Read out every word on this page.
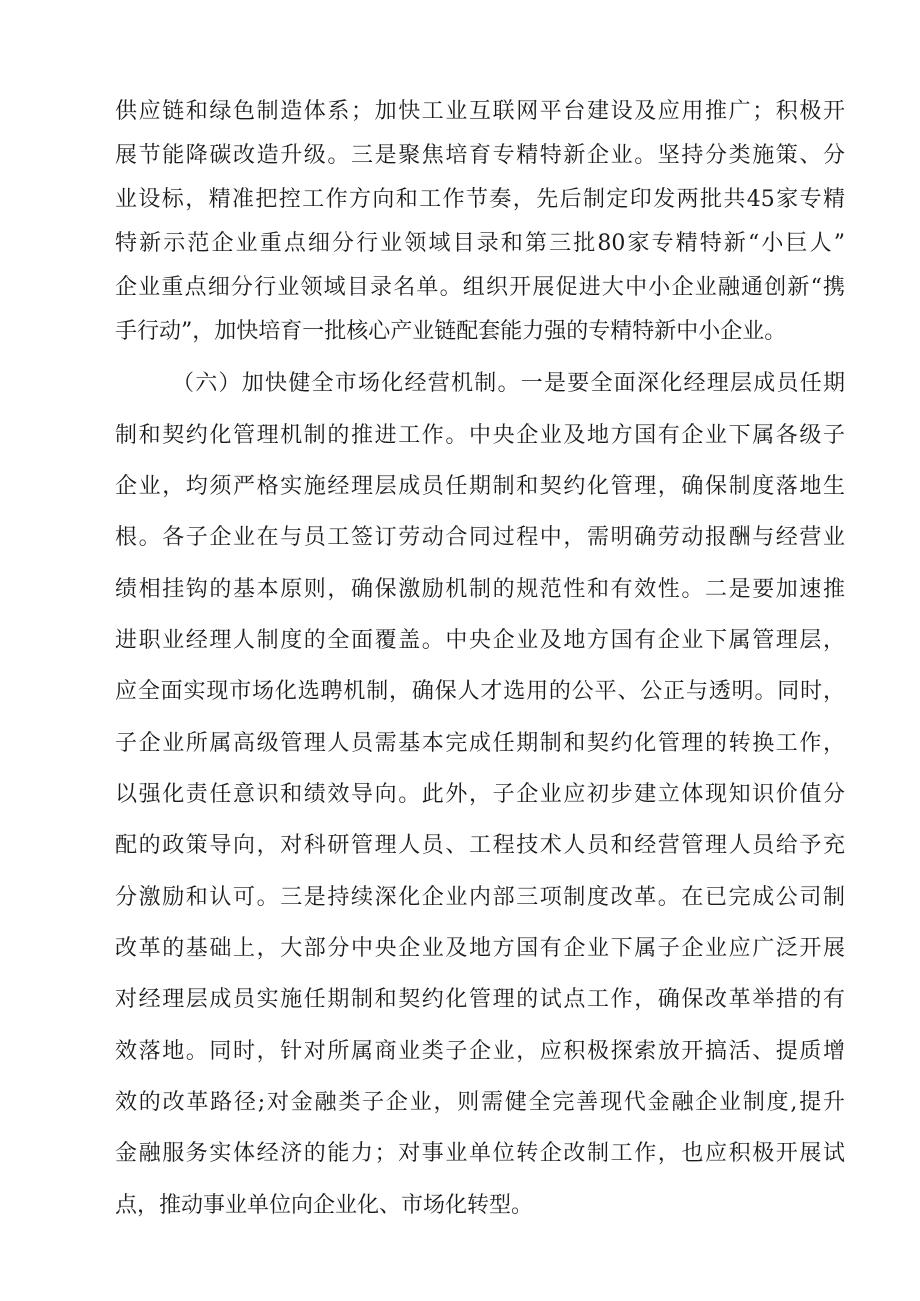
供应链和绿色制造体系；加快工业互联网平台建设及应用推广；积极开
展节能降碳改造升级。三是聚焦培育专精特新企业。坚持分类施策、分
业设标，精准把控工作方向和工作节奏，先后制定印发两批共45家专精
特新示范企业重点细分行业领域目录和第三批80家专精特新“小巨人”
企业重点细分行业领域目录名单。组织开展促进大中小企业融通创新“携
手行动”，加快培育一批核心产业链配套能力强的专精特新中小企业。
（六）加快健全市场化经营机制。一是要全面深化经理层成员任期
制和契约化管理机制的推进工作。中央企业及地方国有企业下属各级子
企业，均须严格实施经理层成员任期制和契约化管理，确保制度落地生
根。各子企业在与员工签订劳动合同过程中，需明确劳动报酬与经营业
绩相挂钩的基本原则，确保激励机制的规范性和有效性。二是要加速推
进职业经理人制度的全面覆盖。中央企业及地方国有企业下属管理层，
应全面实现市场化选聘机制，确保人才选用的公平、公正与透明。同时，
子企业所属高级管理人员需基本完成任期制和契约化管理的转换工作，
以强化责任意识和绩效导向。此外，子企业应初步建立体现知识价值分
配的政策导向，对科研管理人员、工程技术人员和经营管理人员给予充
分激励和认可。三是持续深化企业内部三项制度改革。在已完成公司制
改革的基础上，大部分中央企业及地方国有企业下属子企业应广泛开展
对经理层成员实施任期制和契约化管理的试点工作，确保改革举措的有
效落地。同时，针对所属商业类子企业，应积极探索放开搞活、提质增
效的改革路径;对金融类子企业，则需健全完善现代金融企业制度,提升
金融服务实体经济的能力；对事业单位转企改制工作，也应积极开展试
点，推动事业单位向企业化、市场化转型。
